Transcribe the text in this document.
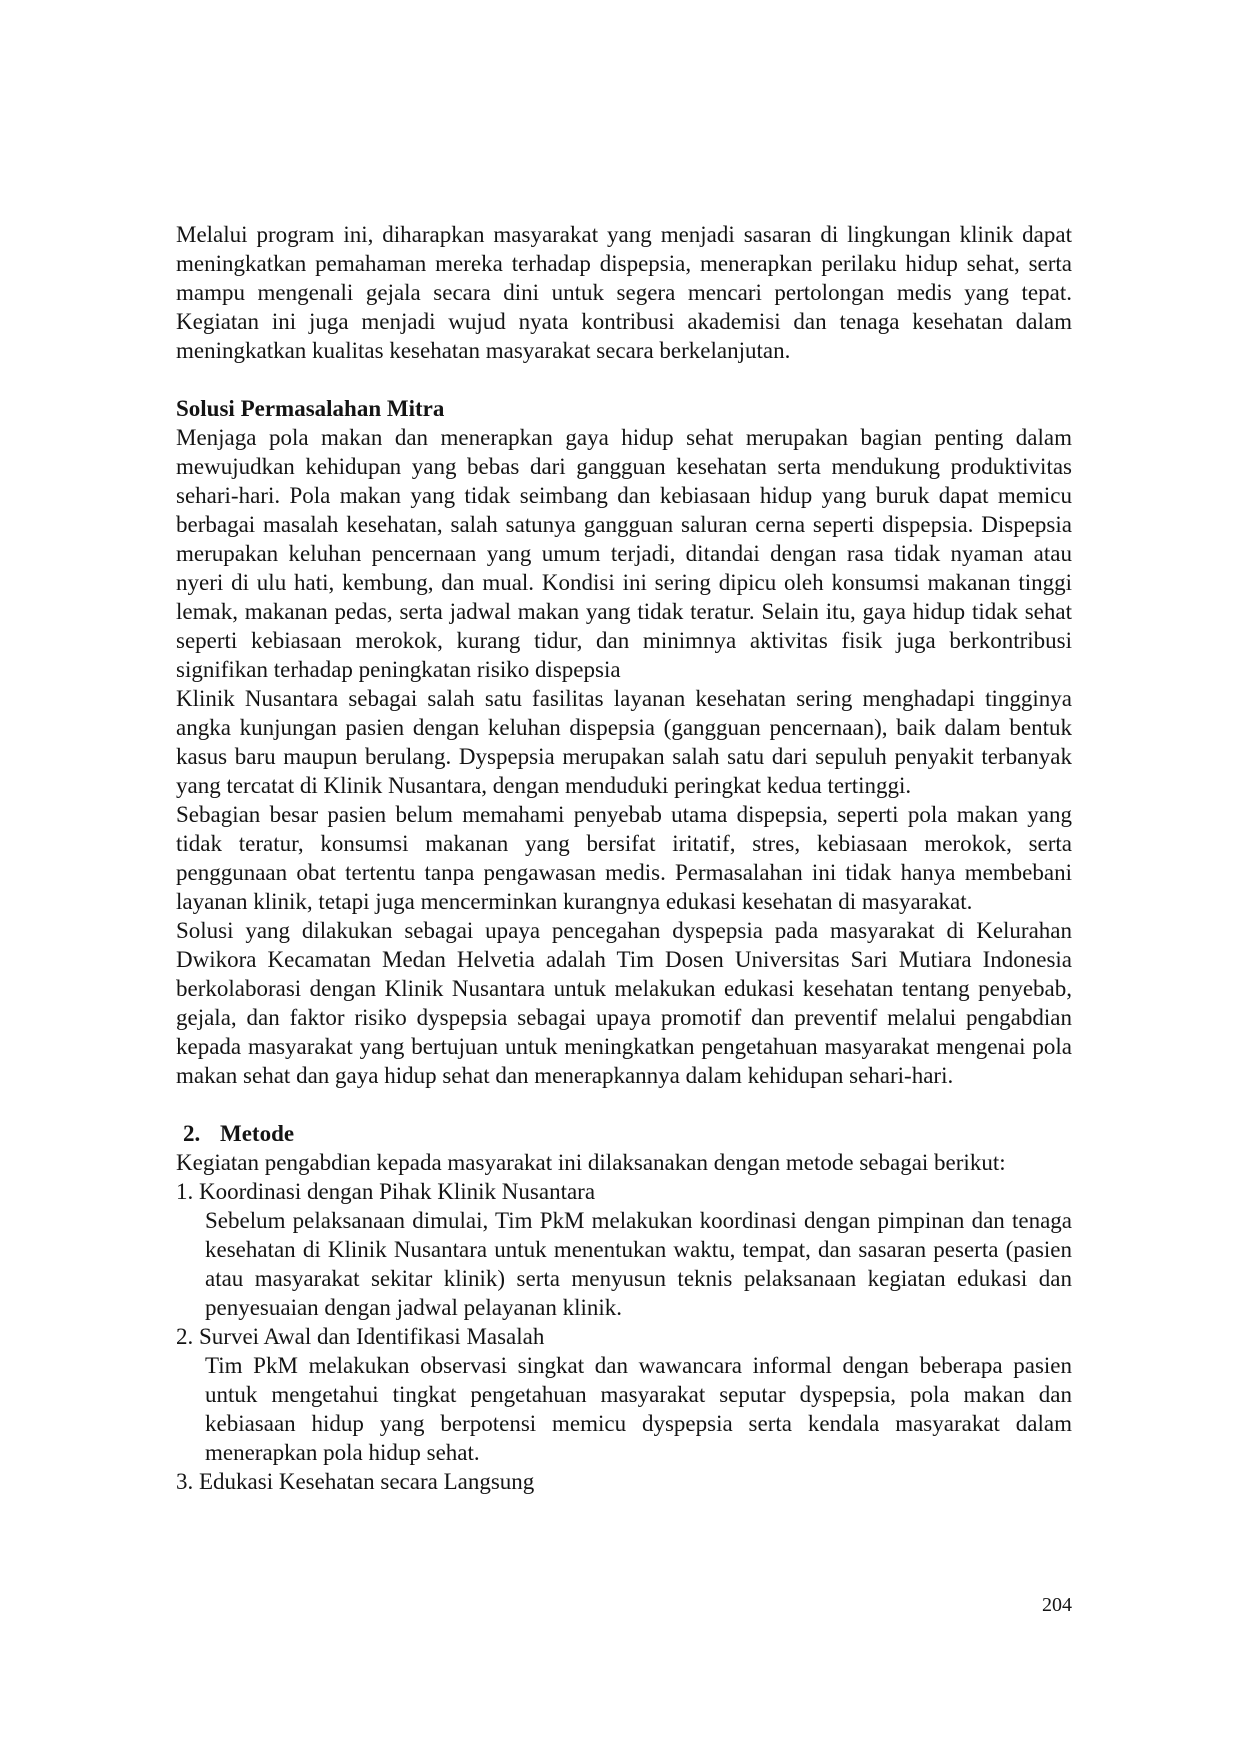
Melalui program ini, diharapkan masyarakat yang menjadi sasaran di lingkungan klinik dapat meningkatkan pemahaman mereka terhadap dispepsia, menerapkan perilaku hidup sehat, serta mampu mengenali gejala secara dini untuk segera mencari pertolongan medis yang tepat. Kegiatan ini juga menjadi wujud nyata kontribusi akademisi dan tenaga kesehatan dalam meningkatkan kualitas kesehatan masyarakat secara berkelanjutan.

Solusi Permasalahan Mitra

Menjaga pola makan dan menerapkan gaya hidup sehat merupakan bagian penting dalam mewujudkan kehidupan yang bebas dari gangguan kesehatan serta mendukung produktivitas sehari-hari. Pola makan yang tidak seimbang dan kebiasaan hidup yang buruk dapat memicu berbagai masalah kesehatan, salah satunya gangguan saluran cerna seperti dispepsia. Dispepsia merupakan keluhan pencernaan yang umum terjadi, ditandai dengan rasa tidak nyaman atau nyeri di ulu hati, kembung, dan mual. Kondisi ini sering dipicu oleh konsumsi makanan tinggi lemak, makanan pedas, serta jadwal makan yang tidak teratur. Selain itu, gaya hidup tidak sehat seperti kebiasaan merokok, kurang tidur, dan minimnya aktivitas fisik juga berkontribusi signifikan terhadap peningkatan risiko dispepsia

Klinik Nusantara sebagai salah satu fasilitas layanan kesehatan sering menghadapi tingginya angka kunjungan pasien dengan keluhan dispepsia (gangguan pencernaan), baik dalam bentuk kasus baru maupun berulang. Dyspepsia merupakan salah satu dari sepuluh penyakit terbanyak yang tercatat di Klinik Nusantara, dengan menduduki peringkat kedua tertinggi.

Sebagian besar pasien belum memahami penyebab utama dispepsia, seperti pola makan yang tidak teratur, konsumsi makanan yang bersifat iritatif, stres, kebiasaan merokok, serta penggunaan obat tertentu tanpa pengawasan medis. Permasalahan ini tidak hanya membebani layanan klinik, tetapi juga mencerminkan kurangnya edukasi kesehatan di masyarakat.

Solusi yang dilakukan sebagai upaya pencegahan dyspepsia pada masyarakat di Kelurahan Dwikora Kecamatan Medan Helvetia adalah Tim Dosen Universitas Sari Mutiara Indonesia berkolaborasi dengan Klinik Nusantara untuk melakukan edukasi kesehatan tentang penyebab, gejala, dan faktor risiko dyspepsia sebagai upaya promotif dan preventif melalui pengabdian kepada masyarakat yang bertujuan untuk meningkatkan pengetahuan masyarakat mengenai pola makan sehat dan gaya hidup sehat dan menerapkannya dalam kehidupan sehari-hari.

2. Metode

Kegiatan pengabdian kepada masyarakat ini dilaksanakan dengan metode sebagai berikut:

1. Koordinasi dengan Pihak Klinik Nusantara

Sebelum pelaksanaan dimulai, Tim PkM melakukan koordinasi dengan pimpinan dan tenaga kesehatan di Klinik Nusantara untuk menentukan waktu, tempat, dan sasaran peserta (pasien atau masyarakat sekitar klinik) serta menyusun teknis pelaksanaan kegiatan edukasi dan penyesuaian dengan jadwal pelayanan klinik.

2. Survei Awal dan Identifikasi Masalah

Tim PkM melakukan observasi singkat dan wawancara informal dengan beberapa pasien untuk mengetahui tingkat pengetahuan masyarakat seputar dyspepsia, pola makan dan kebiasaan hidup yang berpotensi memicu dyspepsia serta kendala masyarakat dalam menerapkan pola hidup sehat.

3. Edukasi Kesehatan secara Langsung

204
